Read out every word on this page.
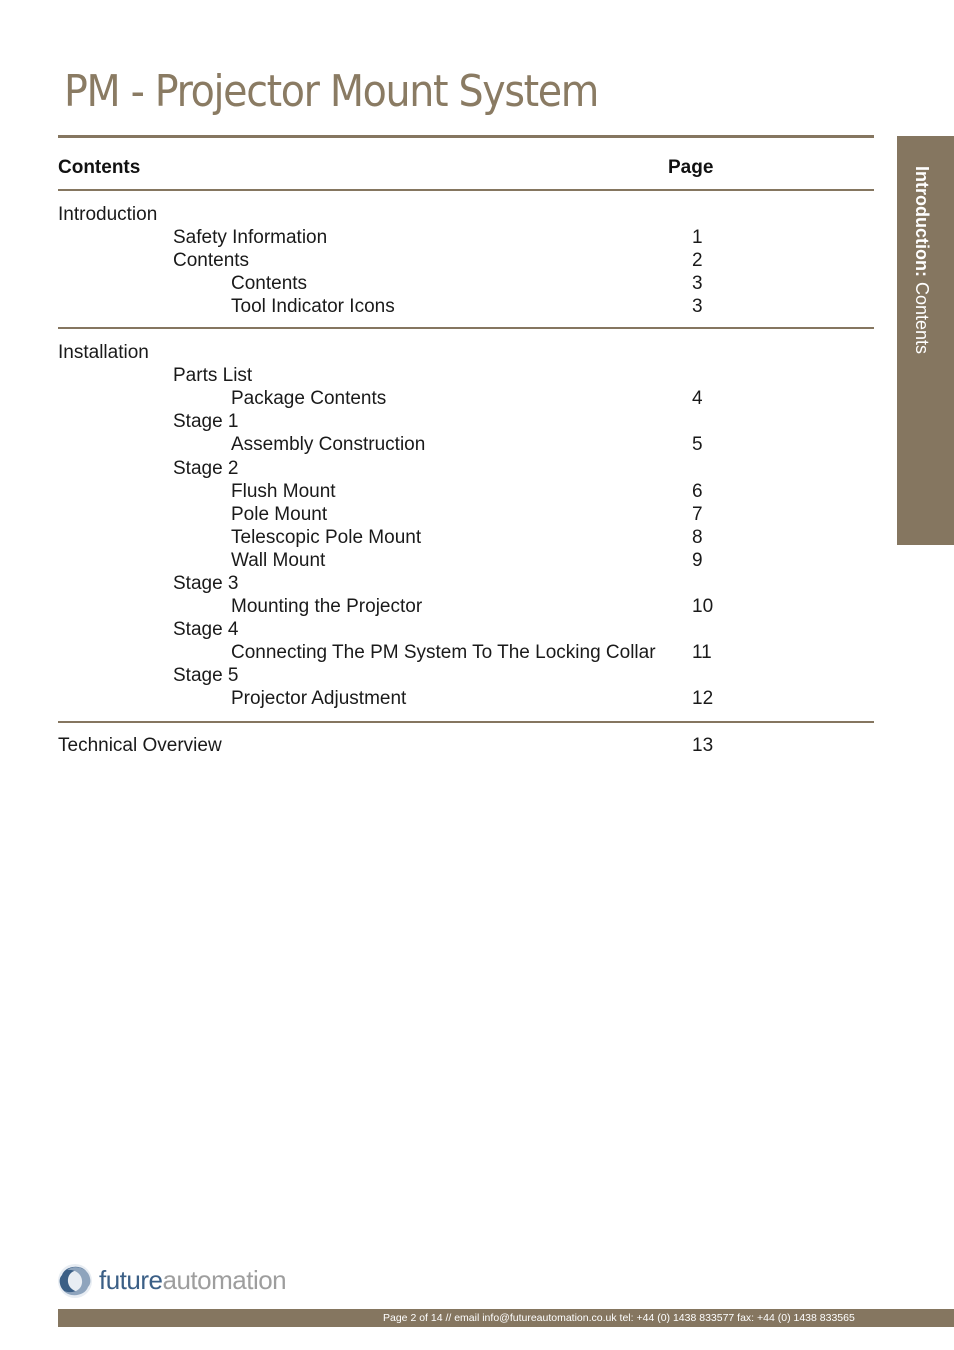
PM - Projector Mount System
Introduction: Contents
Contents	Page
Introduction
Safety Information	1
Contents	2
Contents	3
Tool Indicator Icons	3
Installation
Parts List
Package Contents	4
Stage 1
Assembly Construction	5
Stage 2
Flush Mount	6
Pole Mount	7
Telescopic Pole Mount	8
Wall Mount	9
Stage 3
Mounting the Projector	10
Stage 4
Connecting The PM System To The Locking Collar 11
Stage 5
Projector Adjustment	12
Technical Overview	13
futureautomation
Page 2 of 14 // email info@futureautomation.co.uk tel: +44 (0) 1438 833577 fax: +44 (0) 1438 833565
